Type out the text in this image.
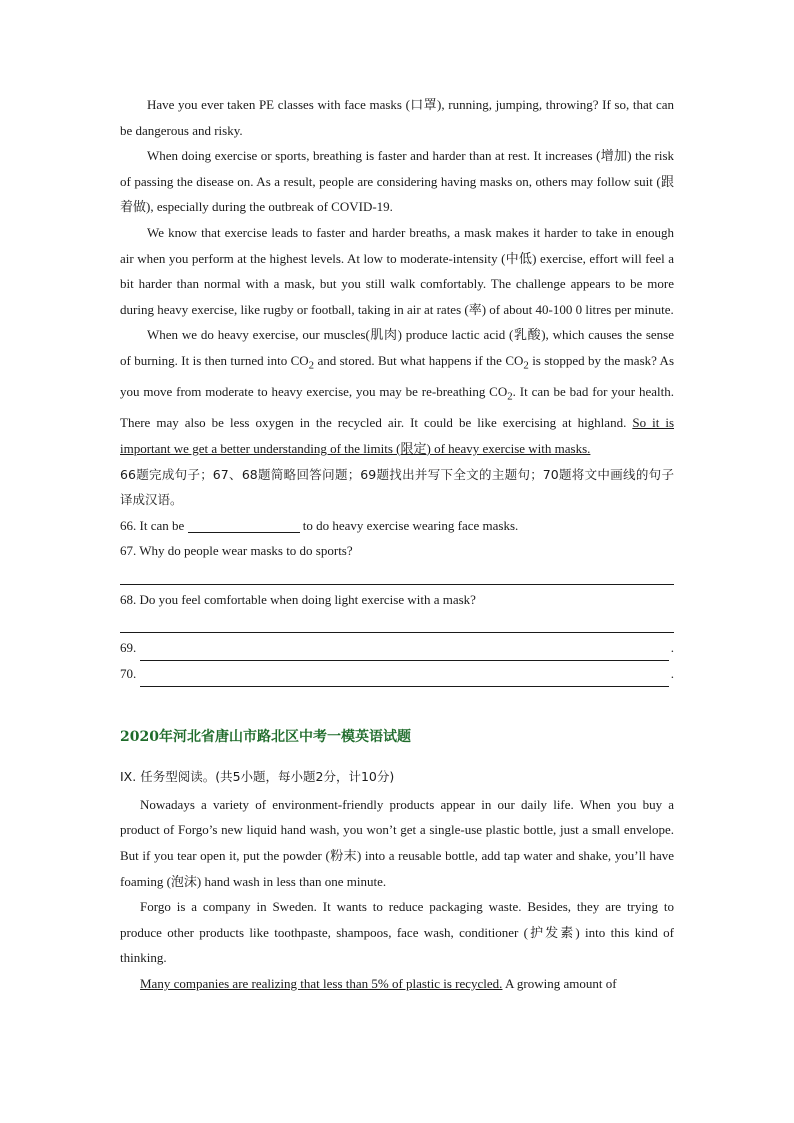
Have you ever taken PE classes with face masks (口罩), running, jumping, throwing? If so, that can be dangerous and risky.

When doing exercise or sports, breathing is faster and harder than at rest. It increases (增加) the risk of passing the disease on. As a result, people are considering having masks on, others may follow suit (跟着做), especially during the outbreak of COVID-19.

We know that exercise leads to faster and harder breaths, a mask makes it harder to take in enough air when you perform at the highest levels. At low to moderate-intensity (中低) exercise, effort will feel a bit harder than normal with a mask, but you still walk comfortably. The challenge appears to be more during heavy exercise, like rugby or football, taking in air at rates (率) of about 40-100 0 litres per minute.

When we do heavy exercise, our muscles(肌肉) produce lactic acid (乳酸), which causes the sense of burning. It is then turned into $CO_2$ and stored. But what happens if the $CO_2$ is stopped by the mask? As you move from moderate to heavy exercise, you may be re-breathing $CO_2$. It can be bad for your health. There may also be less oxygen in the recycled air. It could be like exercising at highland. So it is important we get a better understanding of the limits (限定) of heavy exercise with masks.

66题完成句子；67、68题简略回答问题；69题找出并写下全文的主题句；70题将文中画线的句子译成汉语。

66. It can be	to do heavy exercise wearing face masks.

67. Why do people wear masks to do sports?

68. Do you feel comfortable when doing light exercise with a mask?

69.	.
70.	.
2020年河北省唐山市路北区中考一模英语试题

IX. 任务型阅读。(共5小题，每小题2分，计10分)

Nowadays a variety of environment-friendly products appear in our daily life. When you buy a product of Forgo’s new liquid hand wash, you won’t get a single-use plastic bottle, just a small envelope. But if you tear open it, put the powder (粉末) into a reusable bottle, add tap water and shake, you’ll have foaming (泡沫) hand wash in less than one minute.

Forgo is a company in Sweden. It wants to reduce packaging waste. Besides, they are trying to produce other products like toothpaste, shampoos, face wash, conditioner (护发素) into this kind of thinking.

Many companies are realizing that less than 5% of plastic is recycled. A growing amount of
